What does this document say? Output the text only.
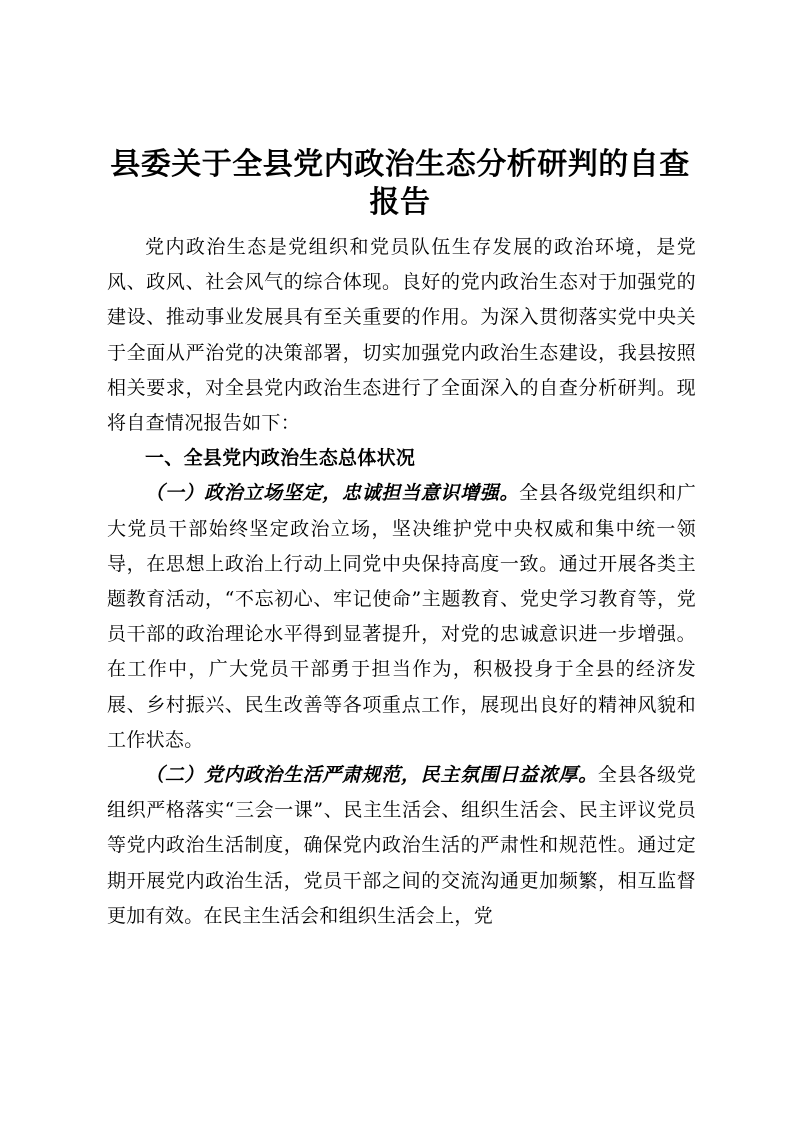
县委关于全县党内政治生态分析研判的自查报告

党内政治生态是党组织和党员队伍生存发展的政治环境，是党风、政风、社会风气的综合体现。良好的党内政治生态对于加强党的建设、推动事业发展具有至关重要的作用。为深入贯彻落实党中央关于全面从严治党的决策部署，切实加强党内政治生态建设，我县按照相关要求，对全县党内政治生态进行了全面深入的自查分析研判。现将自查情况报告如下：

一、全县党内政治生态总体状况

（一）政治立场坚定，忠诚担当意识增强。全县各级党组织和广大党员干部始终坚定政治立场，坚决维护党中央权威和集中统一领导，在思想上政治上行动上同党中央保持高度一致。通过开展各类主题教育活动，“不忘初心、牢记使命”主题教育、党史学习教育等，党员干部的政治理论水平得到显著提升，对党的忠诚意识进一步增强。在工作中，广大党员干部勇于担当作为，积极投身于全县的经济发展、乡村振兴、民生改善等各项重点工作，展现出良好的精神风貌和工作状态。

（二）党内政治生活严肃规范，民主氛围日益浓厚。全县各级党组织严格落实“三会一课”、民主生活会、组织生活会、民主评议党员等党内政治生活制度，确保党内政治生活的严肃性和规范性。通过定期开展党内政治生活，党员干部之间的交流沟通更加频繁，相互监督更加有效。在民主生活会和组织生活会上，党
